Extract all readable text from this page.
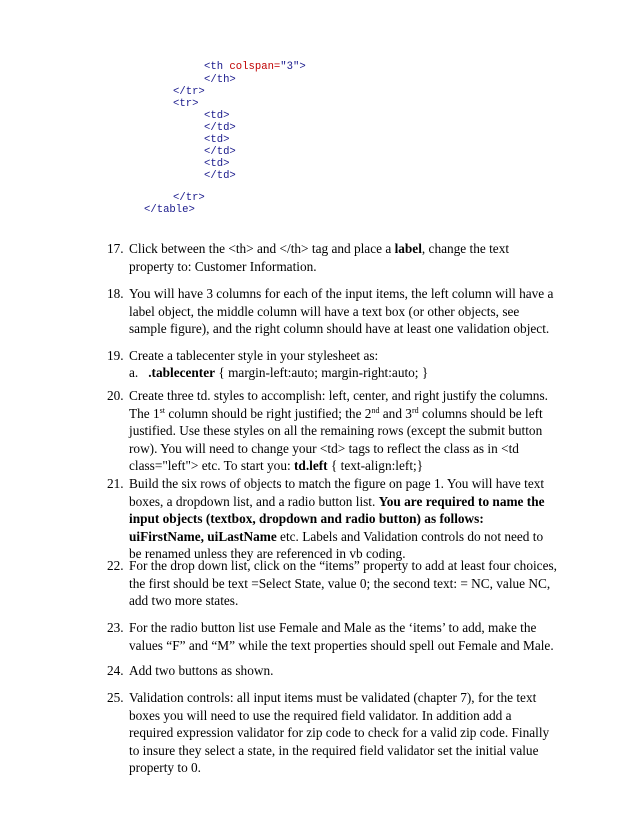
<th colspan="3">
</th>
</tr>
<tr>
<td>
</td>
<td>
</td>
<td>
</td>
</tr>
</table>
17. Click between the <th> and </th> tag and place a label, change the text property to: Customer Information.
18. You will have 3 columns for each of the input items, the left column will have a label object, the middle column will have a text box (or other objects, see sample figure), and the right column should have at least one validation object.
19. Create a tablecenter style in your stylesheet as:
a. .tablecenter { margin-left:auto; margin-right:auto; }
20. Create three td. styles to accomplish: left, center, and right justify the columns. The 1st column should be right justified; the 2nd and 3rd columns should be left justified. Use these styles on all the remaining rows (except the submit button row). You will need to change your <td> tags to reflect the class as in <td class="left"> etc. To start you: td.left { text-align:left;}
21. Build the six rows of objects to match the figure on page 1. You will have text boxes, a dropdown list, and a radio button list. You are required to name the input objects (textbox, dropdown and radio button) as follows: uiFirstName, uiLastName etc. Labels and Validation controls do not need to be renamed unless they are referenced in vb coding.
22. For the drop down list, click on the “items” property to add at least four choices, the first should be text =Select State, value 0; the second text: = NC, value NC, add two more states.
23. For the radio button list use Female and Male as the ‘items’ to add, make the values “F” and “M” while the text properties should spell out Female and Male.
24. Add two buttons as shown.
25. Validation controls: all input items must be validated (chapter 7), for the text boxes you will need to use the required field validator. In addition add a required expression validator for zip code to check for a valid zip code. Finally to insure they select a state, in the required field validator set the initial value property to 0.
